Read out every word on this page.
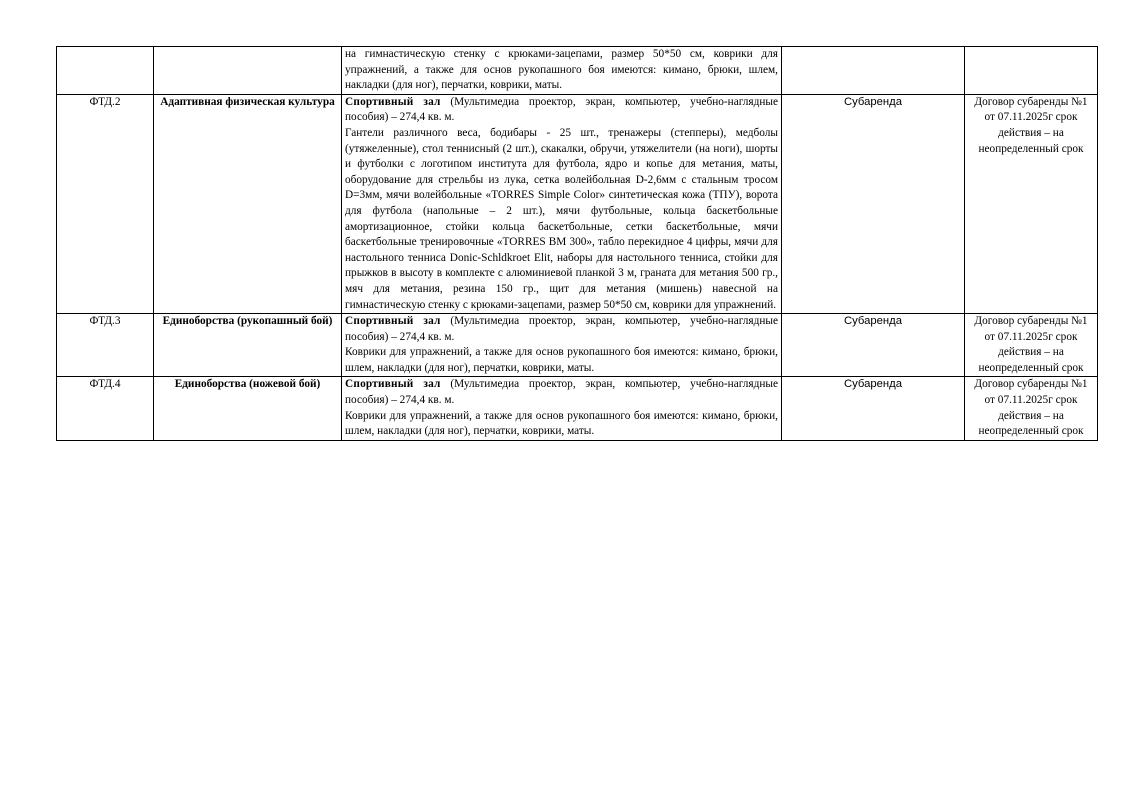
		на гимнастическую стенку с крюками-зацепами, размер 50*50 см, коврики для упражнений, а также для основ рукопашного боя имеются: кимано, брюки, шлем, накладки (для ног), перчатки, коврики, маты.		

ФТД.2	Адаптивная физическая культура	Спортивный зал (Мультимедиа проектор, экран, компьютер, учебно-наглядные пособия) – 274,4 кв. м.

Гантели различного веса, бодибары - 25 шт., тренажеры (степперы), медболы (утяжеленные), стол теннисный (2 шт.), скакалки, обручи, утяжелители (на ноги), шорты и футболки с логотипом института для футбола, ядро и копье для метания, маты, оборудование для стрельбы из лука, сетка волейбольная D-2,6мм с стальным тросом D=3мм, мячи волейбольные «TORRES Simple Color» синтетическая кожа (ТПУ), ворота для футбола (напольные – 2 шт.), мячи футбольные, кольца баскетбольные амортизационное, стойки кольца баскетбольные, сетки баскетбольные, мячи баскетбольные тренировочные «TORRES BM 300», табло перекидное 4 цифры, мячи для настольного тенниса Donic-Schldkroet Elit, наборы для настольного тенниса, стойки для прыжков в высоту в комплекте с алюминиевой планкой 3 м, граната для метания 500 гр., мяч для метания, резина 150 гр., щит для метания (мишень) навесной на гимнастическую стенку с крюками-зацепами, размер 50*50 см, коврики для упражнений.	Субаренда	Договор субаренды №1 от 07.11.2025г срок действия – на неопределенный срок
ФТД.3	Единоборства (рукопашный бой)	Спортивный зал (Мультимедиа проектор, экран, компьютер, учебно-наглядные пособия) – 274,4 кв. м.

Коврики для упражнений, а также для основ рукопашного боя имеются: кимано, брюки, шлем, накладки (для ног), перчатки, коврики, маты.	Субаренда	Договор субаренды №1 от 07.11.2025г срок действия – на неопределенный срок
ФТД.4	Единоборства (ножевой бой)	Спортивный зал (Мультимедиа проектор, экран, компьютер, учебно-наглядные пособия) – 274,4 кв. м.

Коврики для упражнений, а также для основ рукопашного боя имеются: кимано, брюки, шлем, накладки (для ног), перчатки, коврики, маты.	Субаренда	Договор субаренды №1 от 07.11.2025г срок действия – на неопределенный срок
